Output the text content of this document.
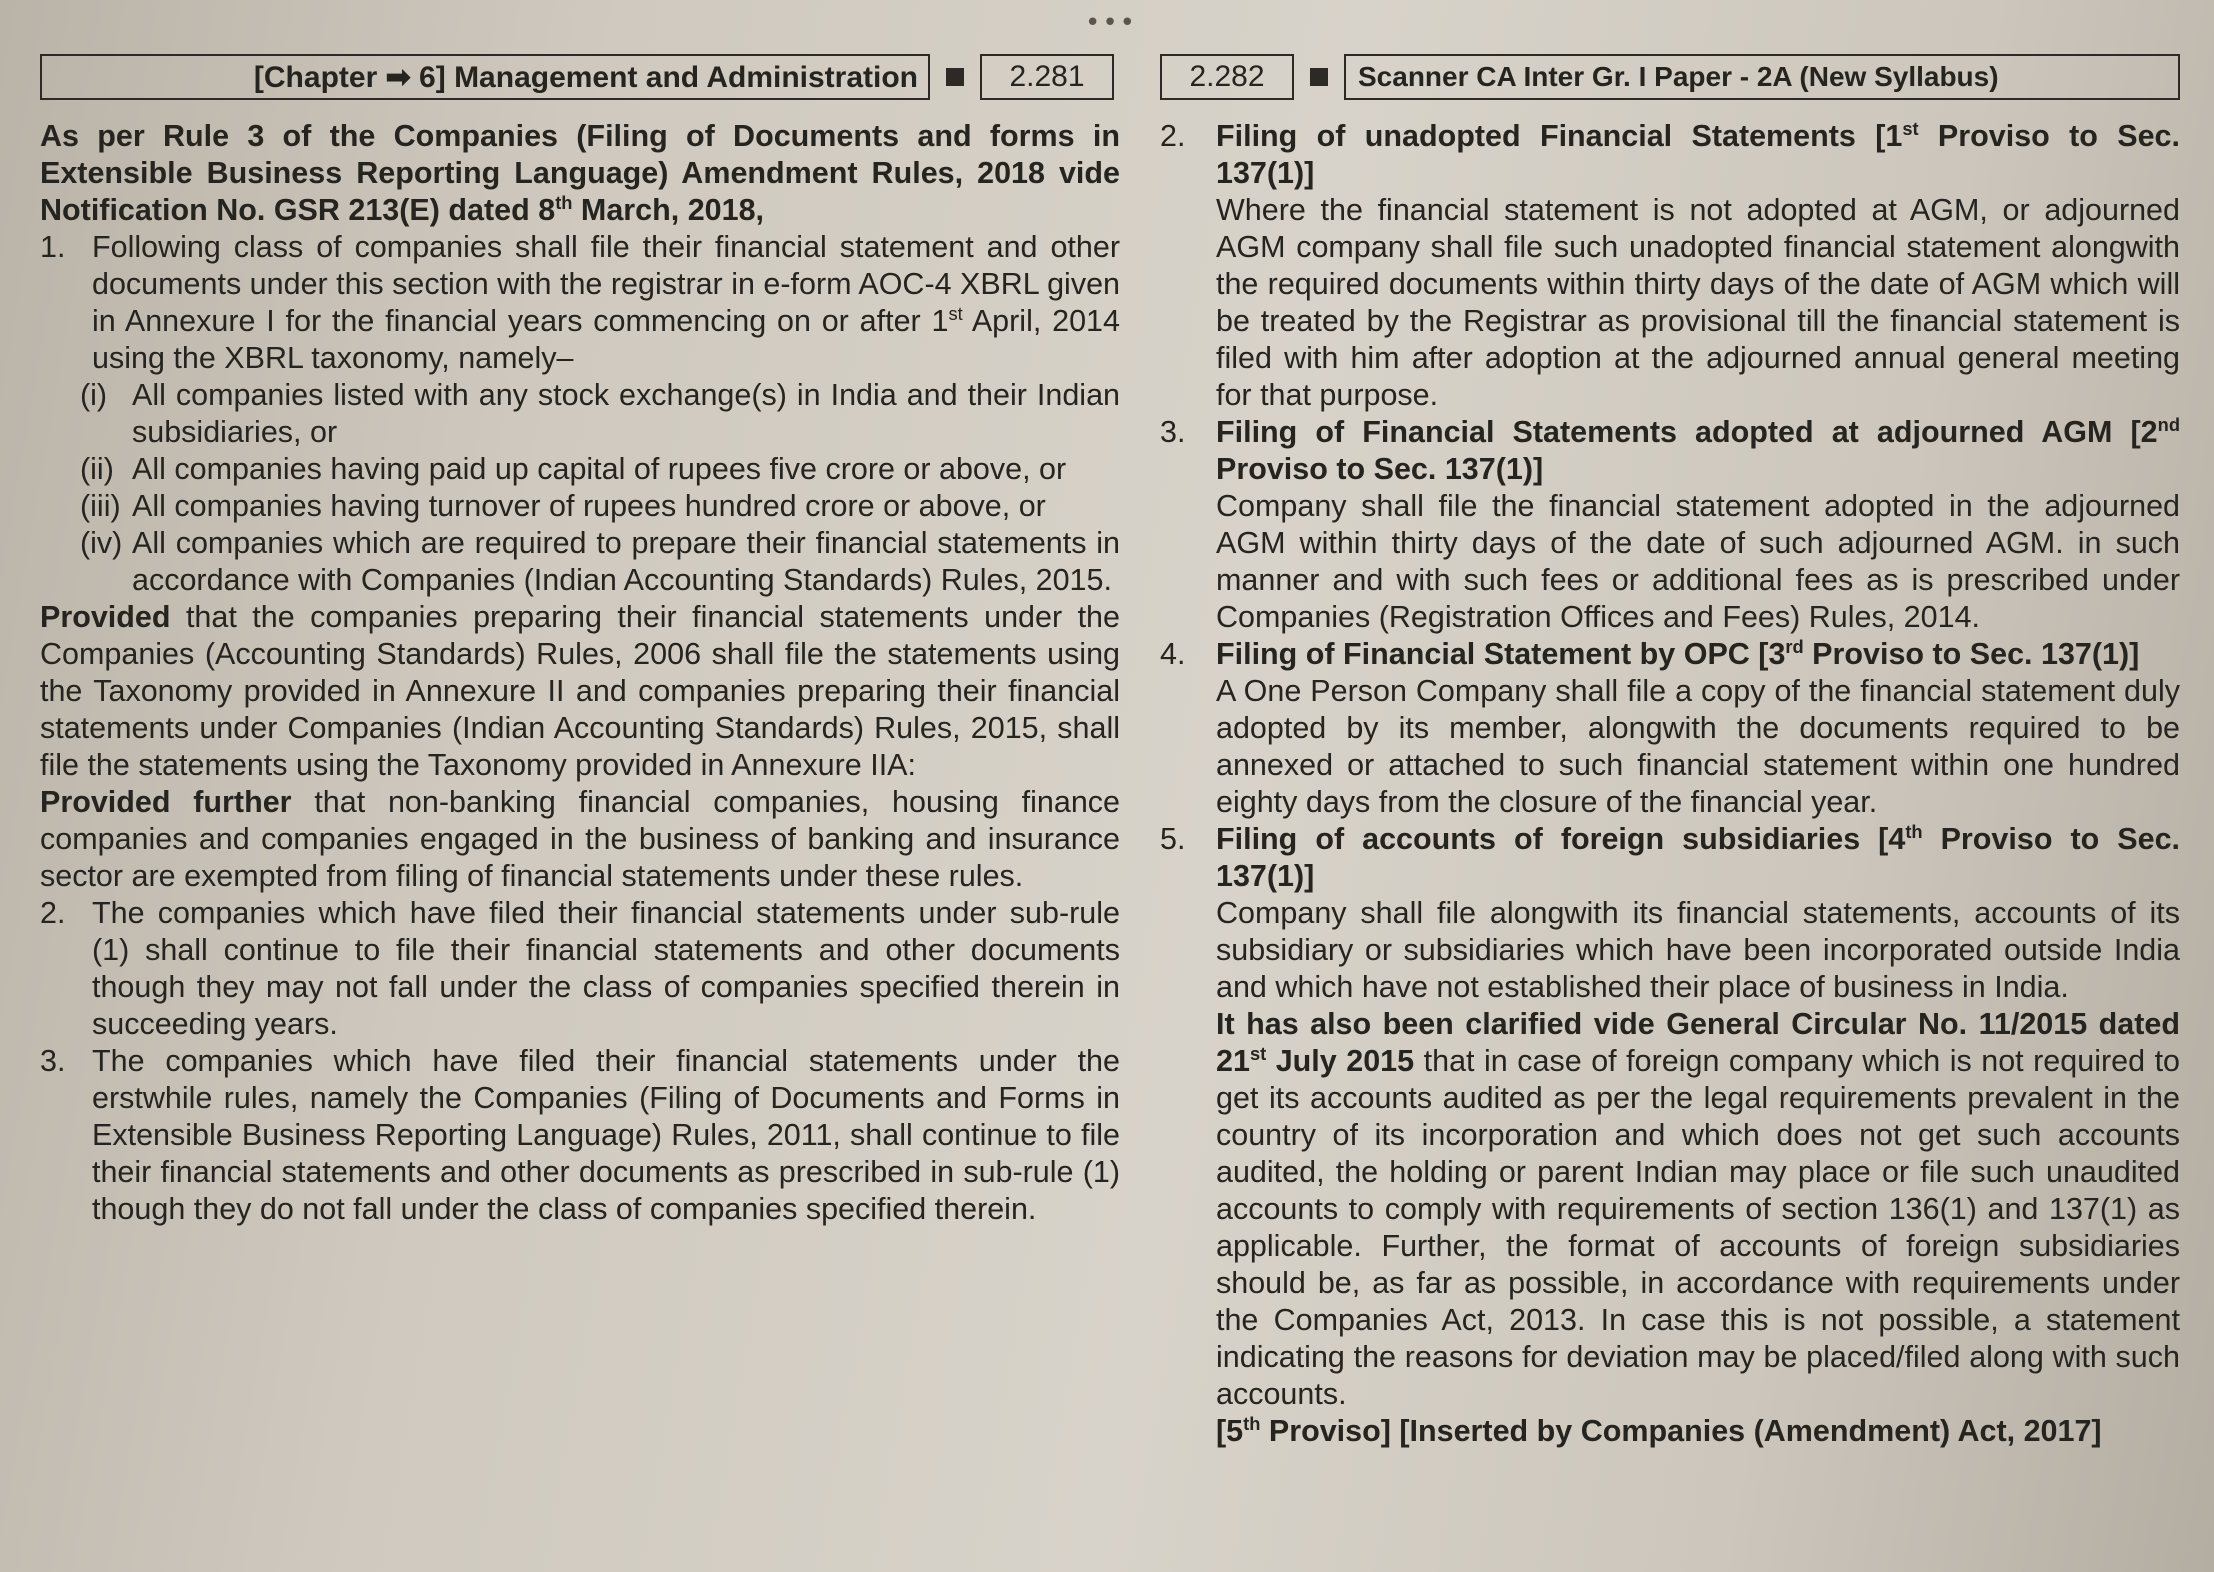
•••
[Chapter ➡ 6] Management and Administration	2.281

As per Rule 3 of the Companies (Filing of Documents and forms in Extensible Business Reporting Language) Amendment Rules, 2018 vide Notification No. GSR 213(E) dated 8th March, 2018,

1. Following class of companies shall file their financial statement and other documents under this section with the registrar in e-form AOC-4 XBRL given in Annexure I for the financial years commencing on or after 1st April, 2014 using the XBRL taxonomy, namely–

(i) All companies listed with any stock exchange(s) in India and their Indian subsidiaries, or

(ii) All companies having paid up capital of rupees five crore or above, or

(iii) All companies having turnover of rupees hundred crore or above, or

(iv) All companies which are required to prepare their financial statements in accordance with Companies (Indian Accounting Standards) Rules, 2015.

Provided that the companies preparing their financial statements under the Companies (Accounting Standards) Rules, 2006 shall file the statements using the Taxonomy provided in Annexure II and companies preparing their financial statements under Companies (Indian Accounting Standards) Rules, 2015, shall file the statements using the Taxonomy provided in Annexure IIA:

Provided further that non-banking financial companies, housing finance companies and companies engaged in the business of banking and insurance sector are exempted from filing of financial statements under these rules.

2. The companies which have filed their financial statements under sub-rule (1) shall continue to file their financial statements and other documents though they may not fall under the class of companies specified therein in succeeding years.

3. The companies which have filed their financial statements under the erstwhile rules, namely the Companies (Filing of Documents and Forms in Extensible Business Reporting Language) Rules, 2011, shall continue to file their financial statements and other documents as prescribed in sub-rule (1) though they do not fall under the class of companies specified therein.

2.282	Scanner CA Inter Gr. I Paper - 2A (New Syllabus)
2.	Filing of unadopted Financial Statements [1st Proviso to Sec. 137(1)]

Where the financial statement is not adopted at AGM, or adjourned AGM company shall file such unadopted financial statement alongwith the required documents within thirty days of the date of AGM which will be treated by the Registrar as provisional till the financial statement is filed with him after adoption at the adjourned annual general meeting for that purpose.

3.	Filing of Financial Statements adopted at adjourned AGM [2nd Proviso to Sec. 137(1)]

Company shall file the financial statement adopted in the adjourned AGM within thirty days of the date of such adjourned AGM. in such manner and with such fees or additional fees as is prescribed under Companies (Registration Offices and Fees) Rules, 2014.

4.	Filing of Financial Statement by OPC [3rd Proviso to Sec. 137(1)]

A One Person Company shall file a copy of the financial statement duly adopted by its member, alongwith the documents required to be annexed or attached to such financial statement within one hundred eighty days from the closure of the financial year.

5.	Filing of accounts of foreign subsidiaries [4th Proviso to Sec. 137(1)]

Company shall file alongwith its financial statements, accounts of its subsidiary or subsidiaries which have been incorporated outside India and which have not established their place of business in India.

It has also been clarified vide General Circular No. 11/2015 dated 21st July 2015 that in case of foreign company which is not required to get its accounts audited as per the legal requirements prevalent in the country of its incorporation and which does not get such accounts audited, the holding or parent Indian may place or file such unaudited accounts to comply with requirements of section 136(1) and 137(1) as applicable. Further, the format of accounts of foreign subsidiaries should be, as far as possible, in accordance with requirements under the Companies Act, 2013. In case this is not possible, a statement indicating the reasons for deviation may be placed/filed along with such accounts.

[5th Proviso] [Inserted by Companies (Amendment) Act, 2017]
